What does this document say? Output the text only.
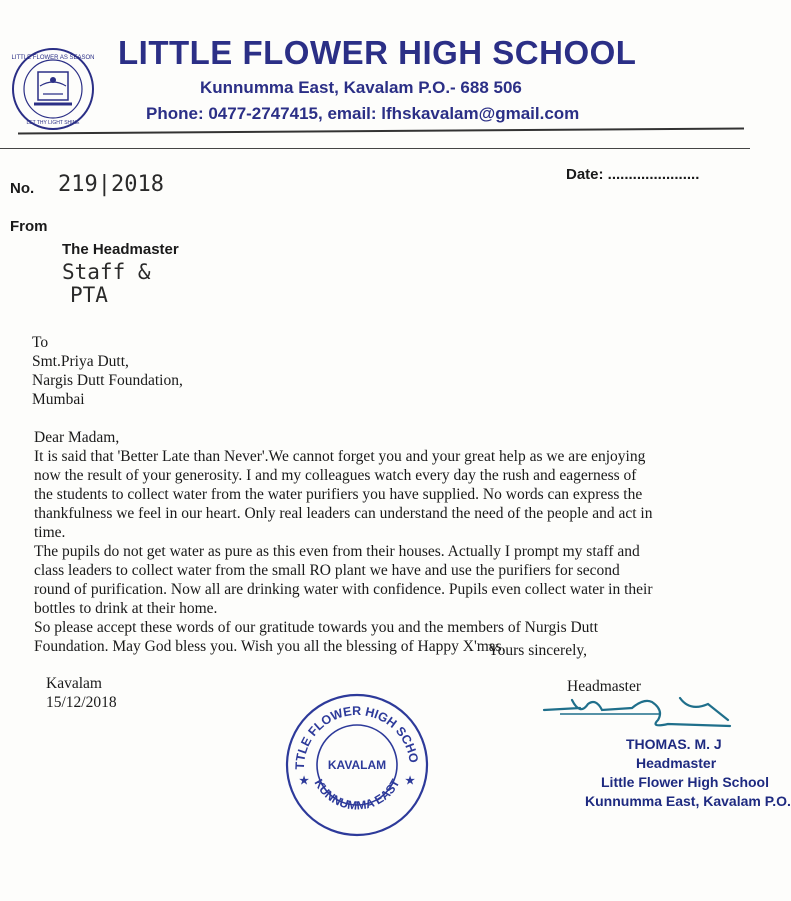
LITTLE FLOWER AS SEASON
LET THY LIGHT SHINE
LITTLE FLOWER HIGH SCHOOL
Kunnumma East, Kavalam P.O.- 688 506
Phone: 0477-2747415, email: lfhskavalam@gmail.com
No. 219|2018	Date: ......................
From
The Headmaster
Staff &
PTA
To
Smt.Priya Dutt,
Nargis Dutt Foundation,
Mumbai
Dear Madam,
It is said that 'Better Late than Never'.We cannot forget you and your great help as we are enjoying
now the result of your generosity. I and my colleagues watch every day the rush and eagerness of
the students to collect water from the water purifiers you have supplied. No words can express the
thankfulness we feel in our heart. Only real leaders can understand the need of the people and act in
time.
The pupils do not get water as pure as this even from their houses. Actually I prompt my staff and
class leaders to collect water from the small RO plant we have and use the purifiers for second
round of purification. Now all are drinking water with confidence. Pupils even collect water in their
bottles to drink at their home.
So please accept these words of our gratitude towards you and the members of Nurgis Dutt
Foundation. May God bless you. Wish you all the blessing of Happy X'mas.
Yours sincerely,
Kavalam
15/12/2018
TTLE FLOWER HIGH SCHO
KUNNUMMA EAST
KAVALAM
★	★
Headmaster
THOMAS. M. J
Headmaster
Little Flower High School
Kunnumma East, Kavalam P.O.
